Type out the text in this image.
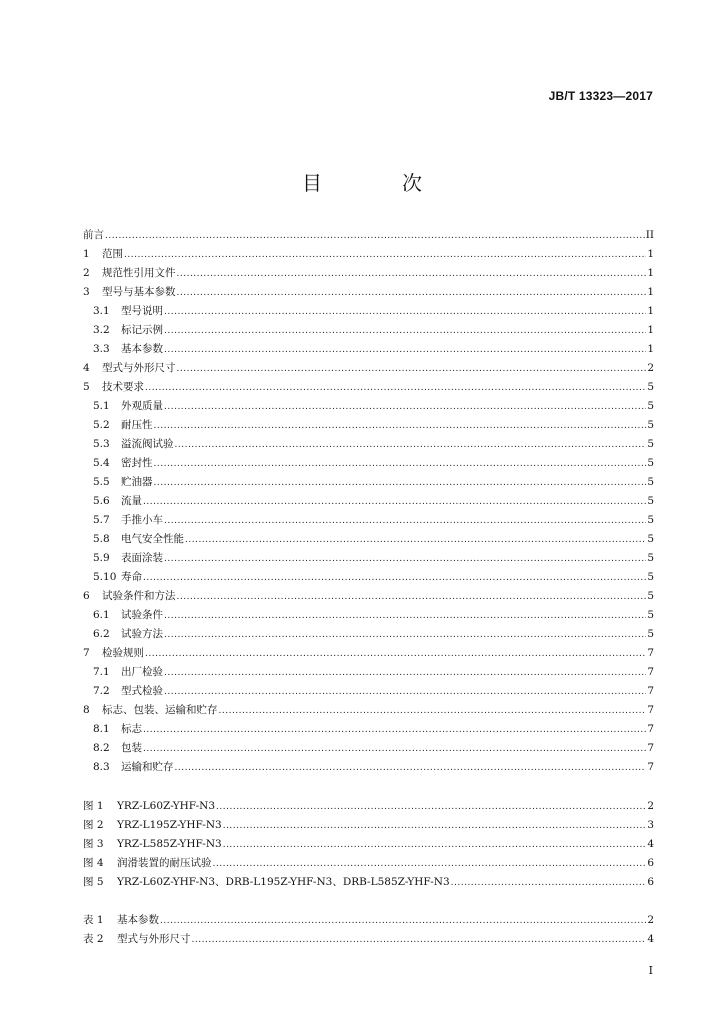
JB/T 13323—2017
目　次
前言 .....	II
1	范围 .....	1
2	规范性引用文件 .....	1
3	型号与基本参数 .....	1
3.1	型号说明 .....	1
3.2	标记示例 .....	1
3.3	基本参数 .....	1
4	型式与外形尺寸 .....	2
5	技术要求 .....	5
5.1	外观质量 .....	5
5.2	耐压性 .....	5
5.3	溢流阀试验 .....	5
5.4	密封性 .....	5
5.5	贮油器 .....	5
5.6	流量 .....	5
5.7	手推小车 .....	5
5.8	电气安全性能 .....	5
5.9	表面涂装 .....	5
5.10 寿命 .....	5
6	试验条件和方法 .....	5
6.1	试验条件 .....	5
6.2	试验方法 .....	5
7	检验规则 .....	7
7.1	出厂检验 .....	7
7.2	型式检验 .....	7
8	标志、包装、运输和贮存 .....	7
8.1	标志 .....	7
8.2	包装 .....	7
8.3	运输和贮存 .....	7
图 1	YRZ-L60Z-YHF-N3 .....	2
图 2	YRZ-L195Z-YHF-N3 .....	3
图 3	YRZ-L585Z-YHF-N3 .....	4
图 4	润滑装置的耐压试验 .....	6
图 5	YRZ-L60Z-YHF-N3、DRB-L195Z-YHF-N3、DRB-L585Z-YHF-N3 .....	6
表 1	基本参数 .....	2
表 2	型式与外形尺寸 .....	4
I
